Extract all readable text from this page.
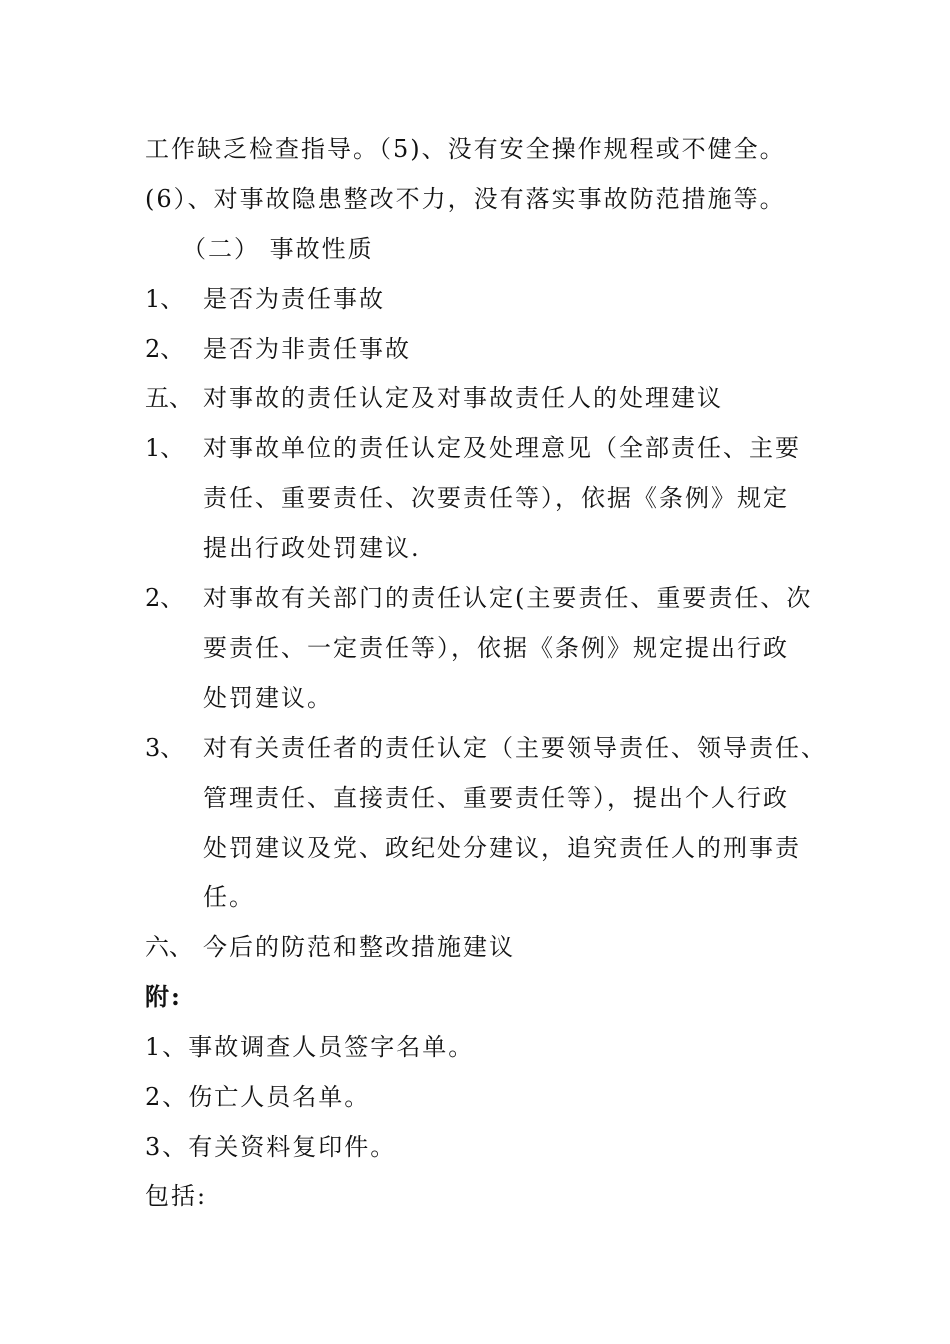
工作缺乏检查指导。（5)、没有安全操作规程或不健全。
(6）、对事故隐患整改不力，没有落实事故防范措施等。
（二） 事故性质
1、 是否为责任事故
2、 是否为非责任事故
五、 对事故的责任认定及对事故责任人的处理建议
1、 对事故单位的责任认定及处理意见（全部责任、主要
责任、重要责任、次要责任等），依据《条例》规定
提出行政处罚建议.
2、 对事故有关部门的责任认定(主要责任、重要责任、次
要责任、一定责任等），依据《条例》规定提出行政
处罚建议。
3、 对有关责任者的责任认定（主要领导责任、领导责任、
管理责任、直接责任、重要责任等），提出个人行政
处罚建议及党、政纪处分建议，追究责任人的刑事责
任。
六、 今后的防范和整改措施建议
附:
1、事故调查人员签字名单。
2、伤亡人员名单。
3、有关资料复印件。
包括:
